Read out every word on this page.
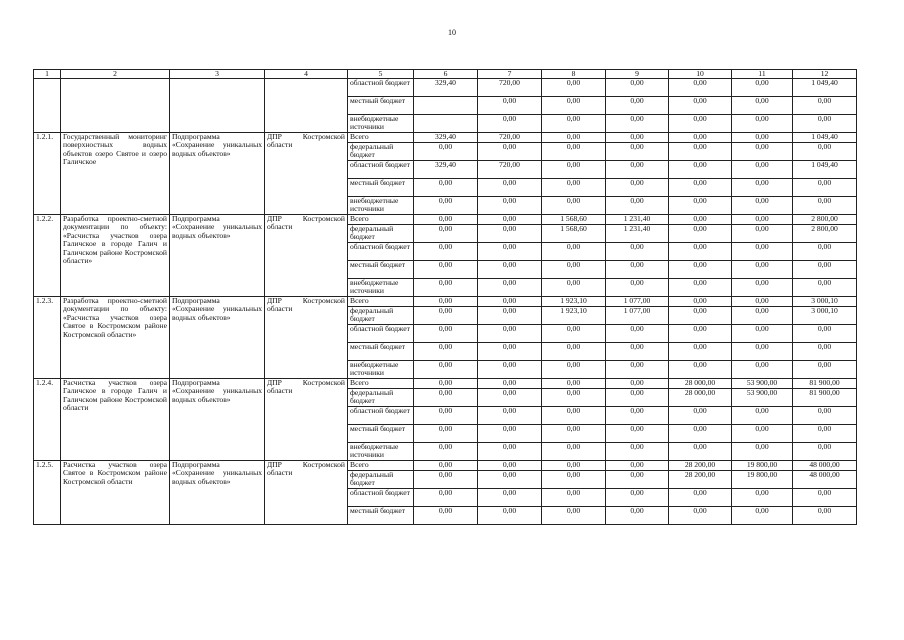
10
1	2	3	4	5	6	7	8	9	10	11	12
				областной бюджет	329,40	720,00	0,00	0,00	0,00	0,00	1 049,40
				местный бюджет		0,00	0,00	0,00	0,00	0,00	0,00
				внебюджетные источники		0,00	0,00	0,00	0,00	0,00	0,00
1.2.1.	Государственный мониторинг поверхностных водных объектов озеро Святое и озеро Галичское	Подпрограмма «Сохранение уникальных водных объектов»	ДПР Костромской области	Всего	329,40	720,00	0,00	0,00	0,00	0,00	1 049,40
				федеральный бюджет	0,00	0,00	0,00	0,00	0,00	0,00	0,00
				областной бюджет	329,40	720,00	0,00	0,00	0,00	0,00	1 049,40
				местный бюджет	0,00	0,00	0,00	0,00	0,00	0,00	0,00
				внебюджетные источники	0,00	0,00	0,00	0,00	0,00	0,00	0,00
1.2.2.	Разработка проектно-сметной документации по объекту: «Расчистка участков озера Галичское в городе Галич и Галичском районе Костромской области»	Подпрограмма «Сохранение уникальных водных объектов»	ДПР Костромской области	Всего	0,00	0,00	1 568,60	1 231,40	0,00	0,00	2 800,00
				федеральный бюджет	0,00	0,00	1 568,60	1 231,40	0,00	0,00	2 800,00
				областной бюджет	0,00	0,00	0,00	0,00	0,00	0,00	0,00
				местный бюджет	0,00	0,00	0,00	0,00	0,00	0,00	0,00
				внебюджетные источники	0,00	0,00	0,00	0,00	0,00	0,00	0,00
1.2.3.	Разработка проектно-сметной документации по объекту: «Расчистка участков озера Святое в Костромском районе Костромской области»	Подпрограмма «Сохранение уникальных водных объектов»	ДПР Костромской области	Всего	0,00	0,00	1 923,10	1 077,00	0,00	0,00	3 000,10
				федеральный бюджет	0,00	0,00	1 923,10	1 077,00	0,00	0,00	3 000,10
				областной бюджет	0,00	0,00	0,00	0,00	0,00	0,00	0,00
				местный бюджет	0,00	0,00	0,00	0,00	0,00	0,00	0,00
				внебюджетные источники	0,00	0,00	0,00	0,00	0,00	0,00	0,00
1.2.4.	Расчистка участков озера Галичское в городе Галич и Галичском районе Костромской области	Подпрограмма «Сохранение уникальных водных объектов»	ДПР Костромской области	Всего	0,00	0,00	0,00	0,00	28 000,00	53 900,00	81 900,00
				федеральный бюджет	0,00	0,00	0,00	0,00	28 000,00	53 900,00	81 900,00
				областной бюджет	0,00	0,00	0,00	0,00	0,00	0,00	0,00
				местный бюджет	0,00	0,00	0,00	0,00	0,00	0,00	0,00
				внебюджетные источники	0,00	0,00	0,00	0,00	0,00	0,00	0,00
1.2.5.	Расчистка участков озера Святое в Костромском районе Костромской области	Подпрограмма «Сохранение уникальных водных объектов»	ДПР Костромской области	Всего	0,00	0,00	0,00	0,00	28 200,00	19 800,00	48 000,00
				федеральный бюджет	0,00	0,00	0,00	0,00	28 200,00	19 800,00	48 000,00
				областной бюджет	0,00	0,00	0,00	0,00	0,00	0,00	0,00
				местный бюджет	0,00	0,00	0,00	0,00	0,00	0,00	0,00
